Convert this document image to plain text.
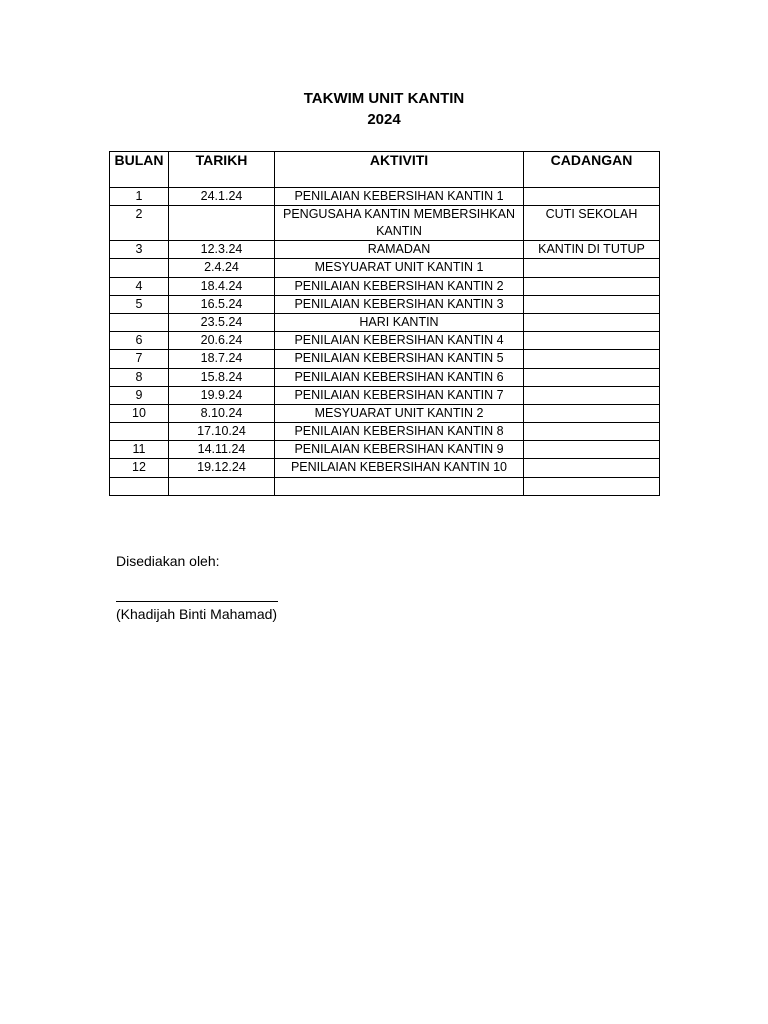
TAKWIM UNIT KANTIN
2024
BULAN	TARIKH	AKTIVITI	CADANGAN
1	24.1.24	PENILAIAN KEBERSIHAN KANTIN 1	
2		PENGUSAHA KANTIN MEMBERSIHKAN KANTIN	CUTI SEKOLAH
3	12.3.24	RAMADAN	KANTIN DI TUTUP
	2.4.24	MESYUARAT UNIT KANTIN 1	
4	18.4.24	PENILAIAN KEBERSIHAN KANTIN 2	
5	16.5.24	PENILAIAN KEBERSIHAN KANTIN 3	
	23.5.24	HARI KANTIN	
6	20.6.24	PENILAIAN KEBERSIHAN KANTIN 4	
7	18.7.24	PENILAIAN KEBERSIHAN KANTIN 5	
8	15.8.24	PENILAIAN KEBERSIHAN KANTIN 6	
9	19.9.24	PENILAIAN KEBERSIHAN KANTIN 7	
10	8.10.24	MESYUARAT UNIT KANTIN 2	
	17.10.24	PENILAIAN KEBERSIHAN KANTIN 8	
11	14.11.24	PENILAIAN KEBERSIHAN KANTIN 9	
12	19.12.24	PENILAIAN KEBERSIHAN KANTIN 10	

Disediakan oleh:
(Khadijah Binti Mahamad)
